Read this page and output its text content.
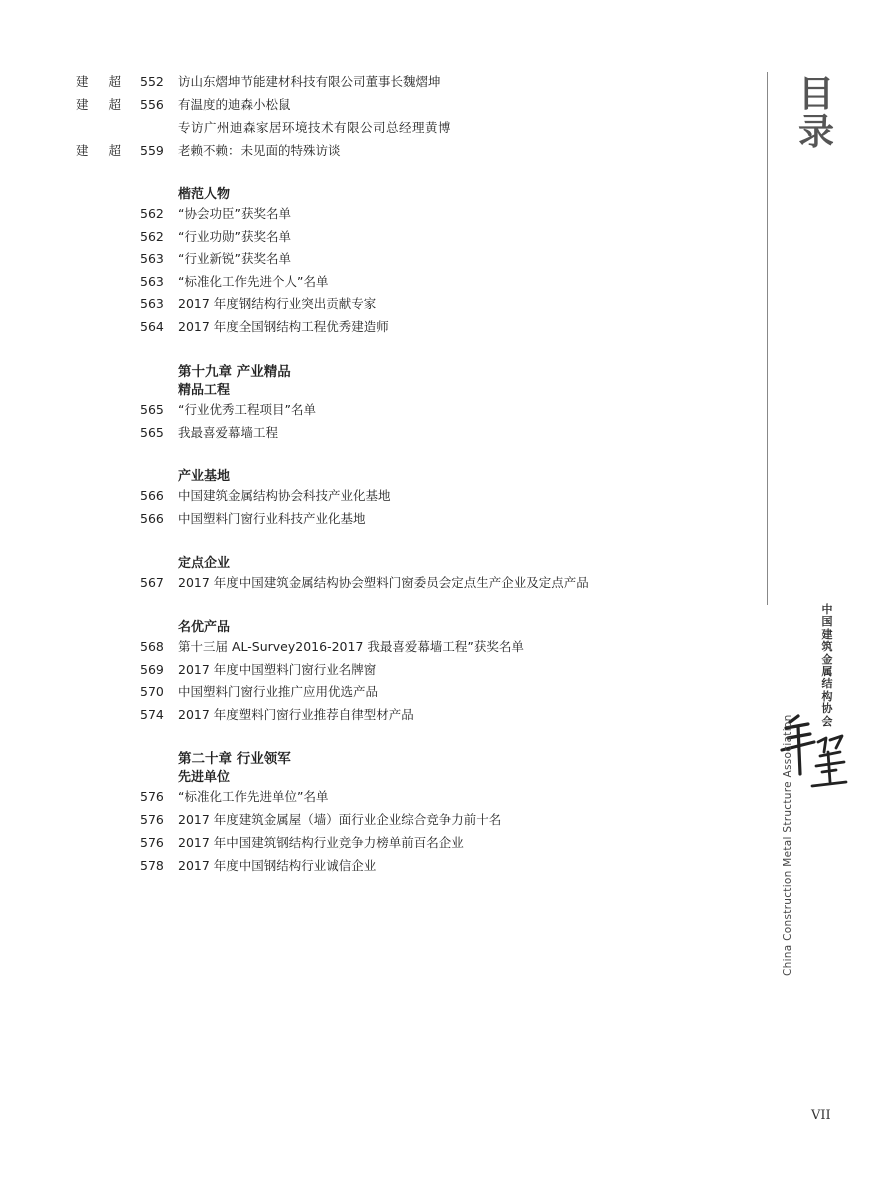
建 超 552 访山东熠坤节能建材科技有限公司董事长魏熠坤
建 超 556 有温度的迪森小松鼠
专访广州迪森家居环境技术有限公司总经理黄博
建 超 559 老赖不赖：未见面的特殊访谈
楷范人物
562 “协会功臣”获奖名单
562 “行业功勋”获奖名单
563 “行业新锐”获奖名单
563 “标准化工作先进个人”名单
563 2017 年度钢结构行业突出贡献专家
564 2017 年度全国钢结构工程优秀建造师
第十九章 产业精品
精品工程
565 “行业优秀工程项目”名单
565 我最喜爱幕墙工程
产业基地
566 中国建筑金属结构协会科技产业化基地
566 中国塑料门窗行业科技产业化基地
定点企业
567 2017 年度中国建筑金属结构协会塑料门窗委员会定点生产企业及定点产品
名优产品
568 第十三届 AL-Survey2016-2017 我最喜爱幕墙工程”获奖名单
569 2017 年度中国塑料门窗行业名牌窗
570 中国塑料门窗行业推广应用优选产品
574 2017 年度塑料门窗行业推荐自律型材产品
第二十章 行业领军
先进单位
576 “标准化工作先进单位”名单
576 2017 年度建筑金属屋（墙）面行业企业综合竞争力前十名
576 2017 年中国建筑钢结构行业竞争力榜单前百名企业
578 2017 年度中国钢结构行业诚信企业
目录
中国建筑金属结构协会
China Construction Metal Structure Association
VII
